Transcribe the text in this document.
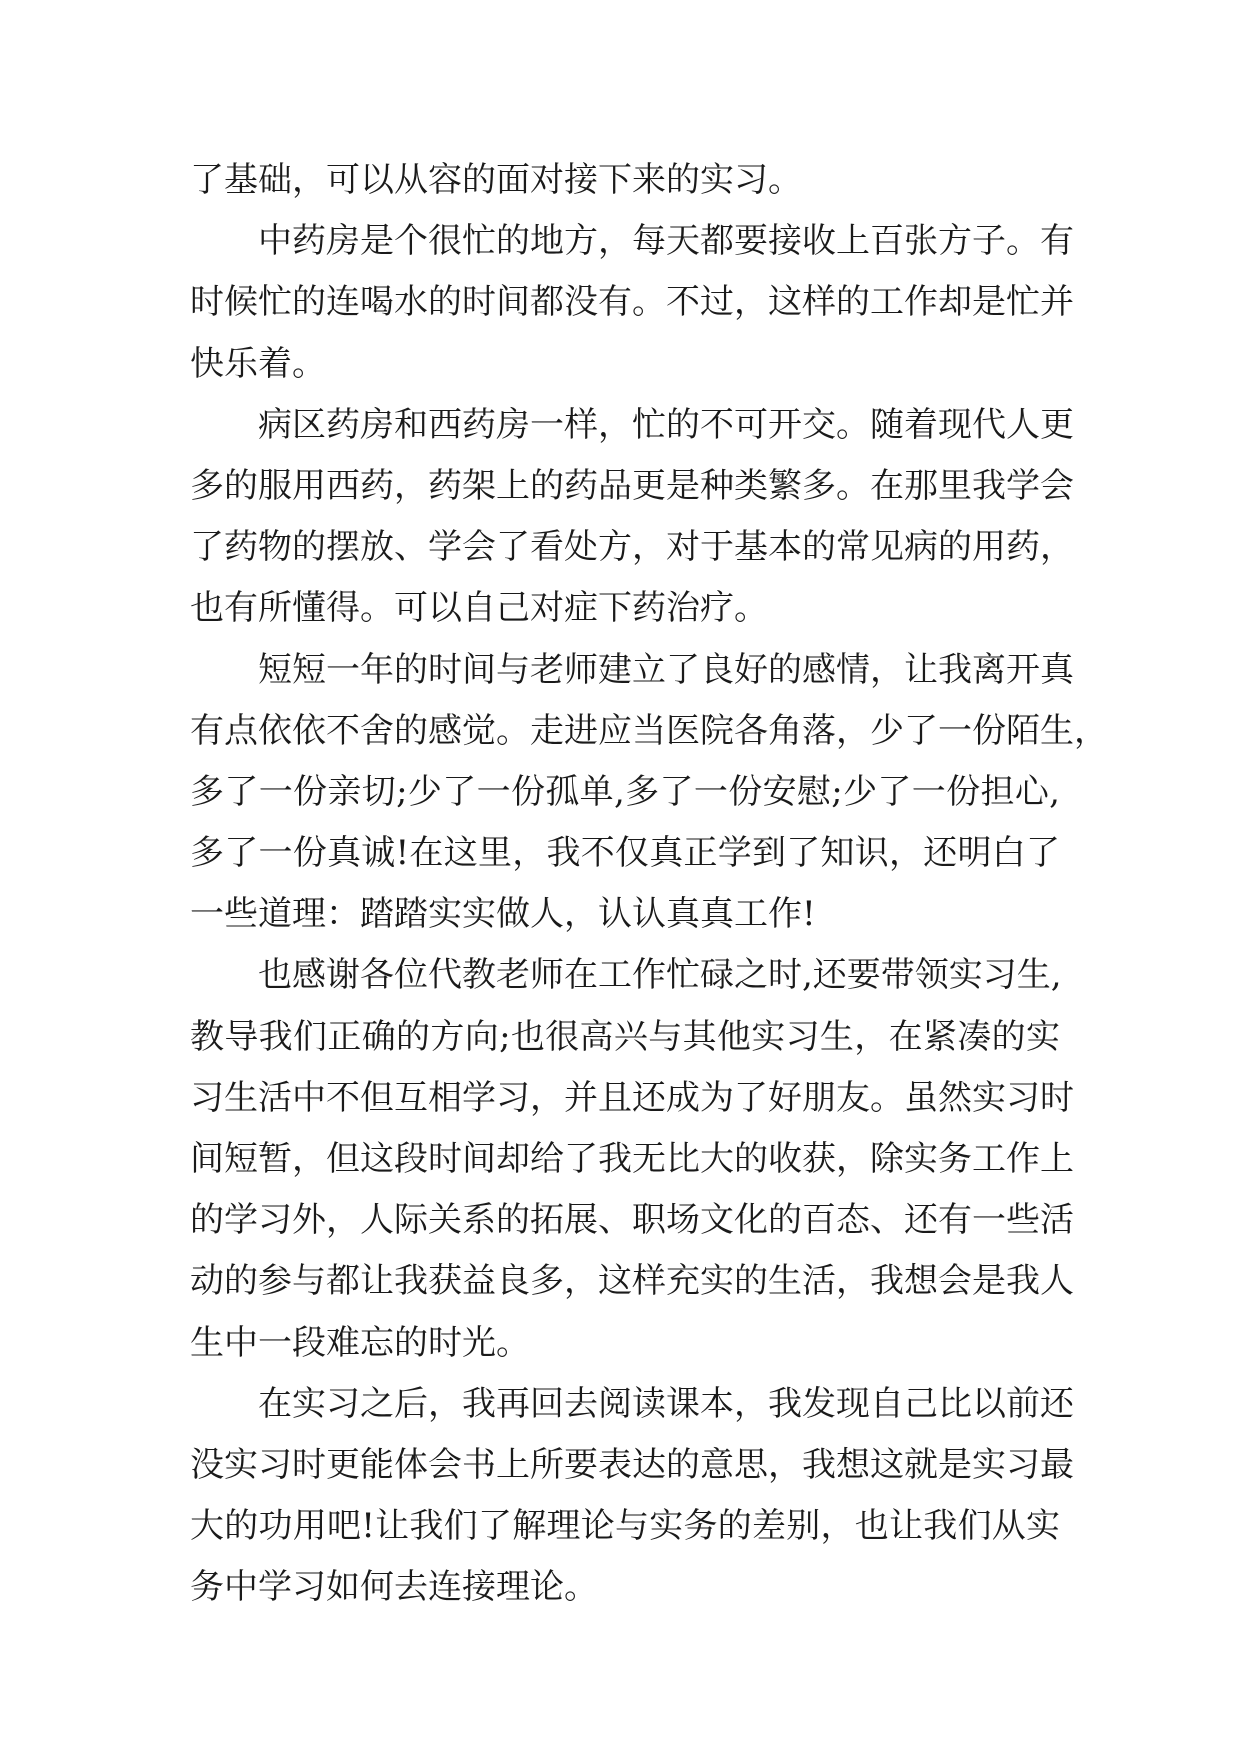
了基础，可以从容的面对接下来的实习。
中药房是个很忙的地方，每天都要接收上百张方子。有
时候忙的连喝水的时间都没有。不过，这样的工作却是忙并
快乐着。
病区药房和西药房一样，忙的不可开交。随着现代人更
多的服用西药，药架上的药品更是种类繁多。在那里我学会
了药物的摆放、学会了看处方，对于基本的常见病的用药，
也有所懂得。可以自己对症下药治疗。
短短一年的时间与老师建立了良好的感情，让我离开真
有点依依不舍的感觉。走进应当医院各角落，少了一份陌生，
多了一份亲切;少了一份孤单,多了一份安慰;少了一份担心,
多了一份真诚!在这里，我不仅真正学到了知识，还明白了
一些道理：踏踏实实做人，认认真真工作!
也感谢各位代教老师在工作忙碌之时,还要带领实习生,
教导我们正确的方向;也很高兴与其他实习生，在紧凑的实
习生活中不但互相学习，并且还成为了好朋友。虽然实习时
间短暂，但这段时间却给了我无比大的收获，除实务工作上
的学习外，人际关系的拓展、职场文化的百态、还有一些活
动的参与都让我获益良多，这样充实的生活，我想会是我人
生中一段难忘的时光。
在实习之后，我再回去阅读课本，我发现自己比以前还
没实习时更能体会书上所要表达的意思，我想这就是实习最
大的功用吧!让我们了解理论与实务的差别，也让我们从实
务中学习如何去连接理论。
